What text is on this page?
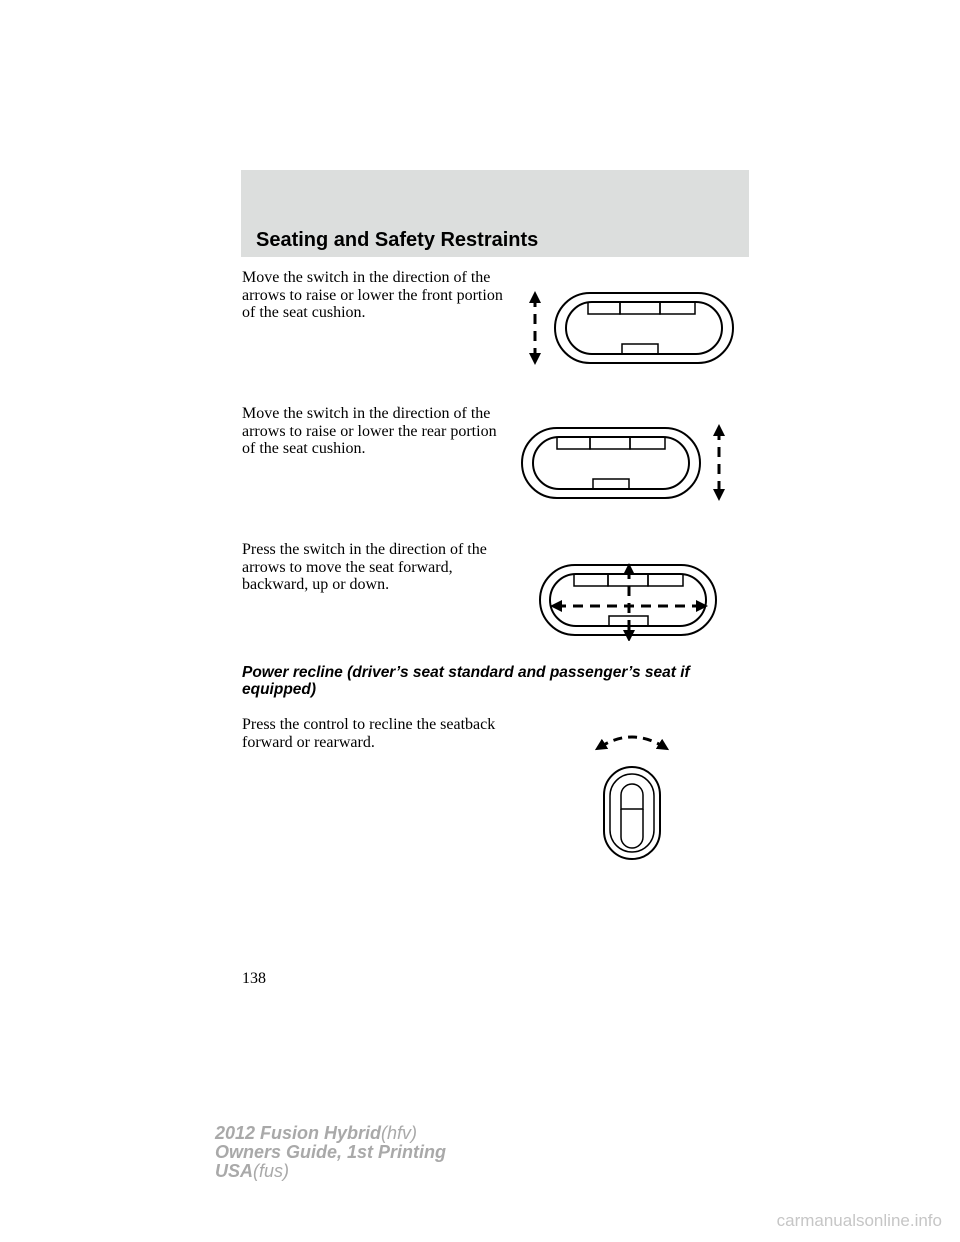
Seating and Safety Restraints

Move the switch in the direction of the arrows to raise or lower the front portion of the seat cushion.

Move the switch in the direction of the arrows to raise or lower the rear portion of the seat cushion.

Press the switch in the direction of the arrows to move the seat forward, backward, up or down.

Power recline (driver’s seat standard and passenger’s seat if equipped)

Press the control to recline the seatback forward or rearward.

138
2012 Fusion Hybrid(hfv)
Owners Guide, 1st Printing
USA(fus)
carmanualsonline.info
